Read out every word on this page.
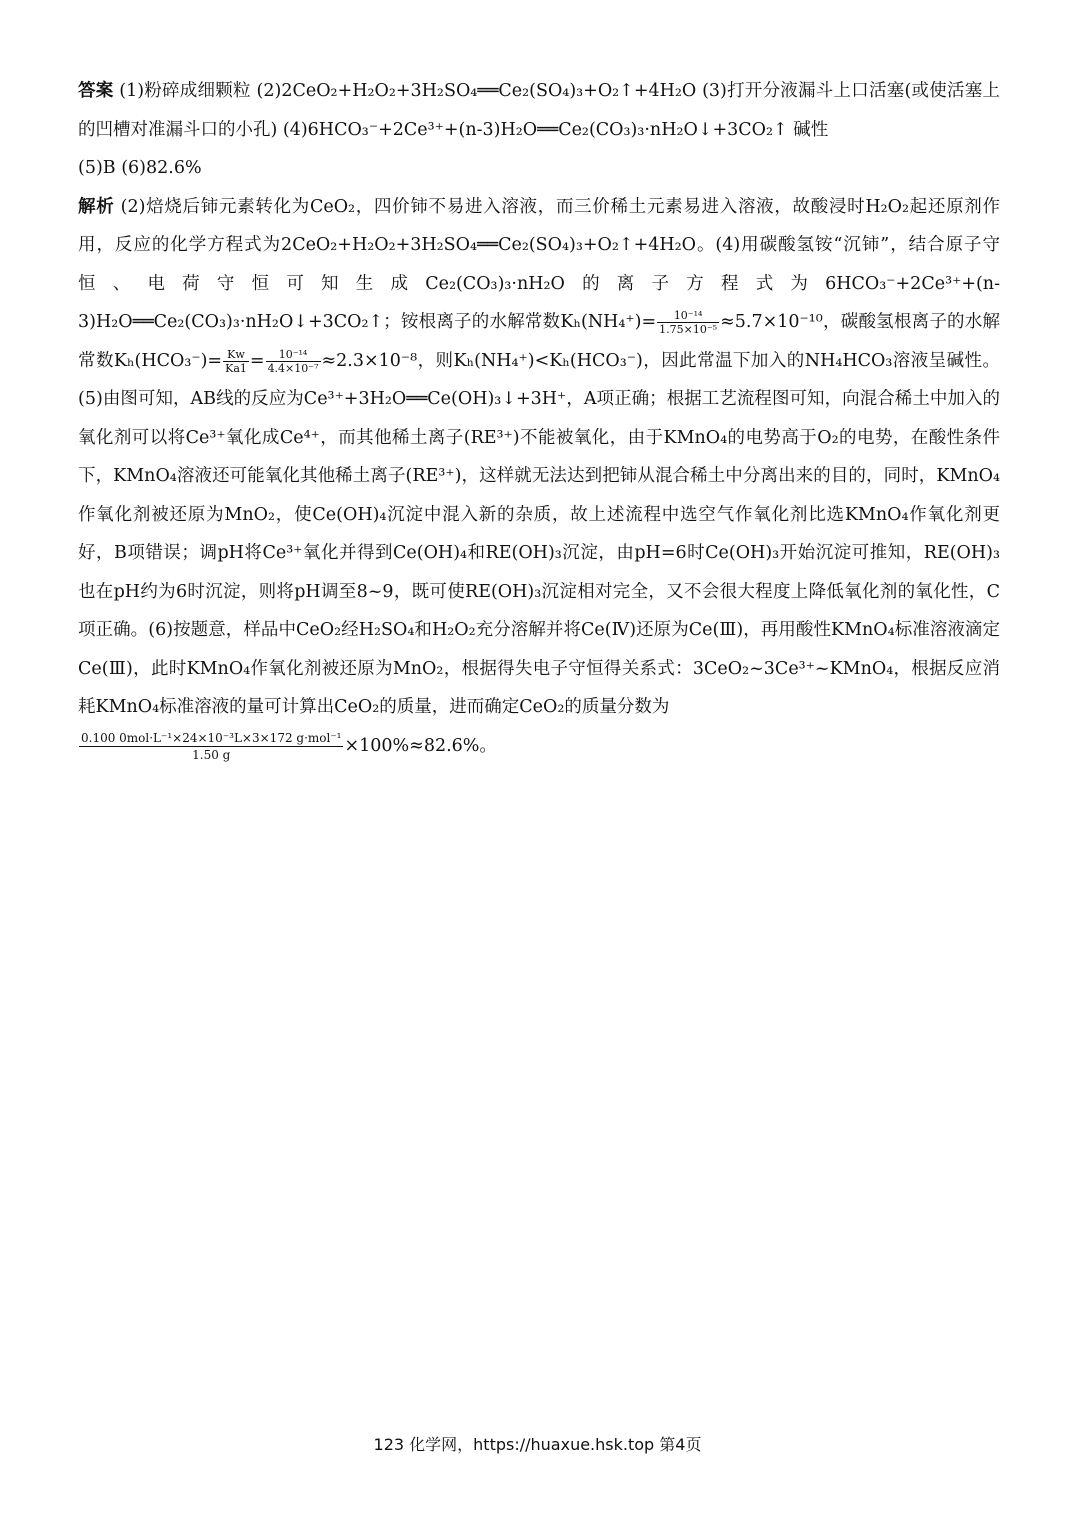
答案 (1)粉碎成细颗粒 (2)2CeO₂+H₂O₂+3H₂SO₄══Ce₂(SO₄)₃+O₂↑+4H₂O (3)打开分液漏斗上口活塞(或使活塞上的凹槽对准漏斗口的小孔) (4)6HCO₃⁻+2Ce³⁺+(n-3)H₂O══Ce₂(CO₃)₃·nH₂O↓+3CO₂↑ 碱性
(5)B (6)82.6%

解析 (2)焙烧后铈元素转化为CeO₂，四价铈不易进入溶液，而三价稀土元素易进入溶液，故酸浸时H₂O₂起还原剂作用，反应的化学方程式为2CeO₂+H₂O₂+3H₂SO₄══Ce₂(SO₄)₃+O₂↑+4H₂O。(4)用碳酸氢铵“沉铈”，结合原子守恒、电荷守恒可知生成Ce₂(CO₃)₃·nH₂O的离子方程式为6HCO₃⁻+2Ce³⁺+(n-3)H₂O══Ce₂(CO₃)₃·nH₂O↓+3CO₂↑；铵根离子的水解常数$K_h(NH_4^+)= \frac{\text{10⁻¹⁴}}{\text{1.75×10⁻⁵}} \approx 5.7\times 10^{-10}$，碳酸氢根离子的水解常数$K_h(HCO_3^-)= \frac{Kw}{Ka1} = \frac{\text{10⁻¹⁴}}{\text{4.4×10⁻⁷}} \approx 2.3\times 10^{-8}$，则Kₕ(NH₄⁺)<Kₕ(HCO₃⁻)，因此常温下加入的NH₄HCO₃溶液呈碱性。(5)由图可知，AB线的反应为Ce³⁺+3H₂O══Ce(OH)₃↓+3H⁺，A项正确；根据工艺流程图可知，向混合稀土中加入的氧化剂可以将Ce³⁺氧化成Ce⁴⁺，而其他稀土离子(RE³⁺)不能被氧化，由于KMnO₄的电势高于O₂的电势，在酸性条件下，KMnO₄溶液还可能氧化其他稀土离子(RE³⁺)，这样就无法达到把铈从混合稀土中分离出来的目的，同时，KMnO₄作氧化剂被还原为MnO₂，使Ce(OH)₄沉淀中混入新的杂质，故上述流程中选空气作氧化剂比选KMnO₄作氧化剂更好，B项错误；调pH将Ce³⁺氧化并得到Ce(OH)₄和RE(OH)₃沉淀，由pH=6时Ce(OH)₃开始沉淀可推知，RE(OH)₃也在pH约为6时沉淀，则将pH调至8~9，既可使RE(OH)₃沉淀相对完全，又不会很大程度上降低氧化剂的氧化性，C项正确。(6)按题意，样品中CeO₂经H₂SO₄和H₂O₂充分溶解并将Ce(Ⅳ)还原为Ce(Ⅲ)，再用酸性KMnO₄标准溶液滴定Ce(Ⅲ)，此时KMnO₄作氧化剂被还原为MnO₂，根据得失电子守恒得关系式：3CeO₂~3Ce³⁺~KMnO₄，根据反应消耗KMnO₄标准溶液的量可计算出CeO₂的质量，进而确定CeO₂的质量分数为

$\frac{\text{0.100 0mol·L⁻¹×24×10⁻³L×3×172 g·mol⁻¹}}{1.50 g} \times 100\%\approx 82.6\%$。

123 化学网，https://huaxue.hsk.top 第4页
